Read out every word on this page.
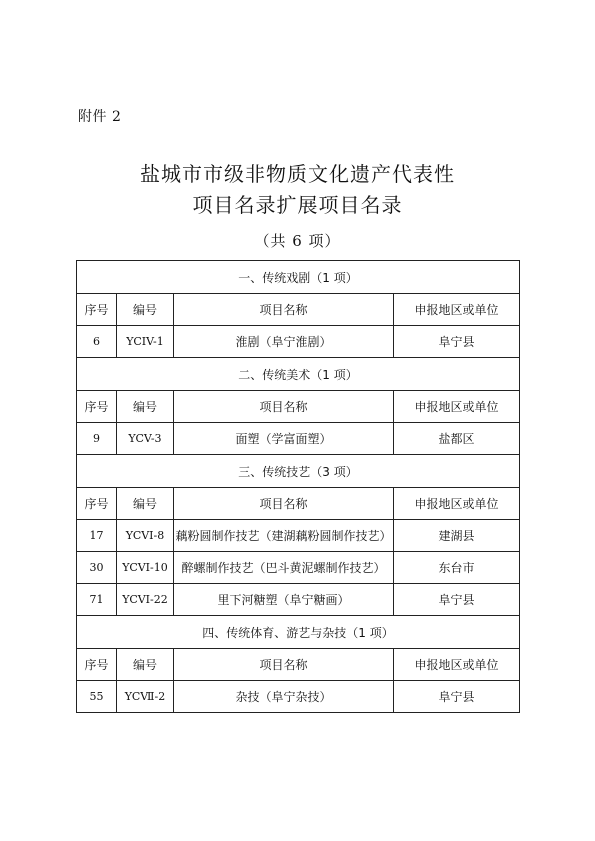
附件 2
盐城市市级非物质文化遗产代表性
项目名录扩展项目名录
（共 6 项）
一、传统戏剧（1 项）			
序号	编号	项目名称	申报地区或单位
6	YCIV-1	淮剧（阜宁淮剧）	阜宁县
二、传统美术（1 项）			
序号	编号	项目名称	申报地区或单位
9	YCV-3	面塑（学富面塑）	盐都区
三、传统技艺（3 项）			
序号	编号	项目名称	申报地区或单位
17	YCVI-8	藕粉圆制作技艺（建湖藕粉圆制作技艺）	建湖县
30	YCVI-10	醉螺制作技艺（巴斗黄泥螺制作技艺）	东台市
71	YCVI-22	里下河糖塑（阜宁糖画）	阜宁县
四、传统体育、游艺与杂技（1 项）			
序号	编号	项目名称	申报地区或单位
55	YCⅦ-2	杂技（阜宁杂技）	阜宁县
